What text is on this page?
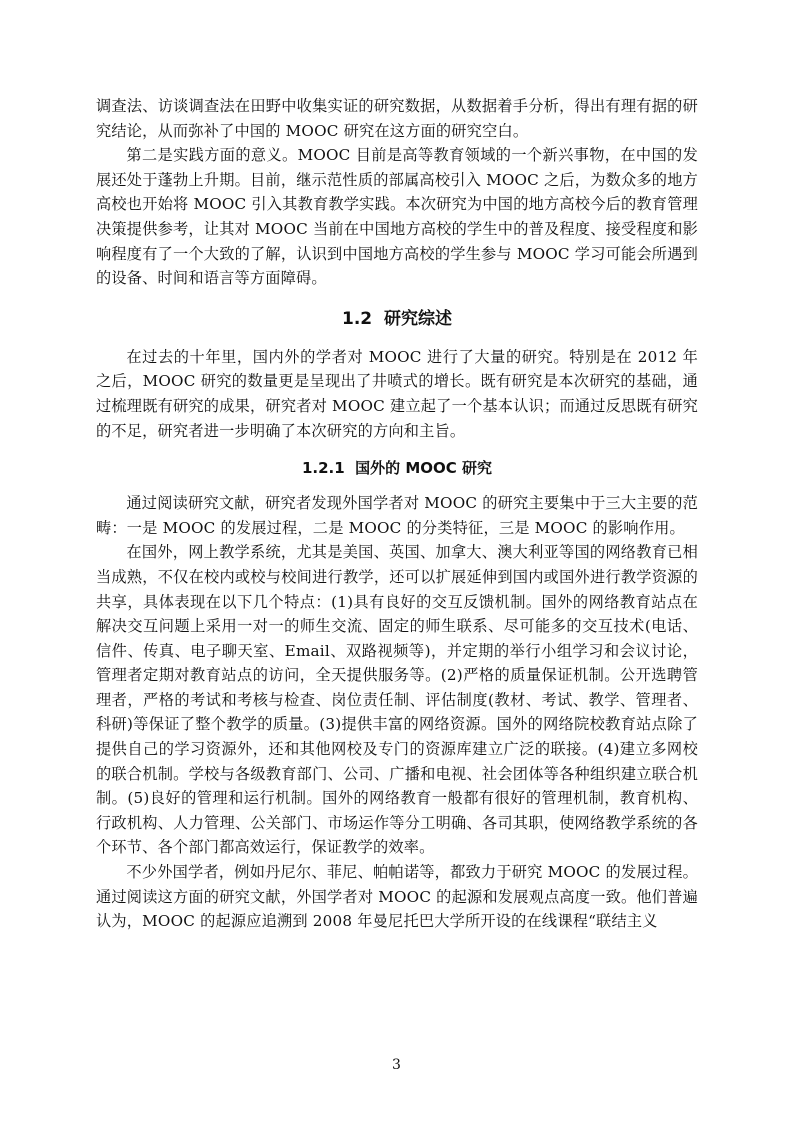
调查法、访谈调查法在田野中收集实证的研究数据，从数据着手分析，得出有理有据的研究结论，从而弥补了中国的 MOOC 研究在这方面的研究空白。

第二是实践方面的意义。MOOC 目前是高等教育领域的一个新兴事物，在中国的发展还处于蓬勃上升期。目前，继示范性质的部属高校引入 MOOC 之后，为数众多的地方高校也开始将 MOOC 引入其教育教学实践。本次研究为中国的地方高校今后的教育管理决策提供参考，让其对 MOOC 当前在中国地方高校的学生中的普及程度、接受程度和影响程度有了一个大致的了解，认识到中国地方高校的学生参与 MOOC 学习可能会所遇到的设备、时间和语言等方面障碍。

1.2 研究综述

在过去的十年里，国内外的学者对 MOOC 进行了大量的研究。特别是在 2012 年之后，MOOC 研究的数量更是呈现出了井喷式的增长。既有研究是本次研究的基础，通过梳理既有研究的成果，研究者对 MOOC 建立起了一个基本认识；而通过反思既有研究的不足，研究者进一步明确了本次研究的方向和主旨。

1.2.1 国外的 MOOC 研究

通过阅读研究文献，研究者发现外国学者对 MOOC 的研究主要集中于三大主要的范畴：一是 MOOC 的发展过程，二是 MOOC 的分类特征，三是 MOOC 的影响作用。

在国外，网上教学系统，尤其是美国、英国、加拿大、澳大利亚等国的网络教育已相当成熟，不仅在校内或校与校间进行教学，还可以扩展延伸到国内或国外进行教学资源的共享，具体表现在以下几个特点：(1)具有良好的交互反馈机制。国外的网络教育站点在解决交互问题上采用一对一的师生交流、固定的师生联系、尽可能多的交互技术(电话、信件、传真、电子聊天室、Email、双路视频等)，并定期的举行小组学习和会议讨论，管理者定期对教育站点的访问，全天提供服务等。(2)严格的质量保证机制。公开选聘管理者，严格的考试和考核与检查、岗位责任制、评估制度(教材、考试、教学、管理者、科研)等保证了整个教学的质量。(3)提供丰富的网络资源。国外的网络院校教育站点除了提供自己的学习资源外，还和其他网校及专门的资源库建立广泛的联接。(4)建立多网校的联合机制。学校与各级教育部门、公司、广播和电视、社会团体等各种组织建立联合机制。(5)良好的管理和运行机制。国外的网络教育一般都有很好的管理机制，教育机构、行政机构、人力管理、公关部门、市场运作等分工明确、各司其职，使网络教学系统的各个环节、各个部门都高效运行，保证教学的效率。

不少外国学者，例如丹尼尔、菲尼、帕帕诺等，都致力于研究 MOOC 的发展过程。通过阅读这方面的研究文献，外国学者对 MOOC 的起源和发展观点高度一致。他们普遍认为，MOOC 的起源应追溯到 2008 年曼尼托巴大学所开设的在线课程“联结主义

3
